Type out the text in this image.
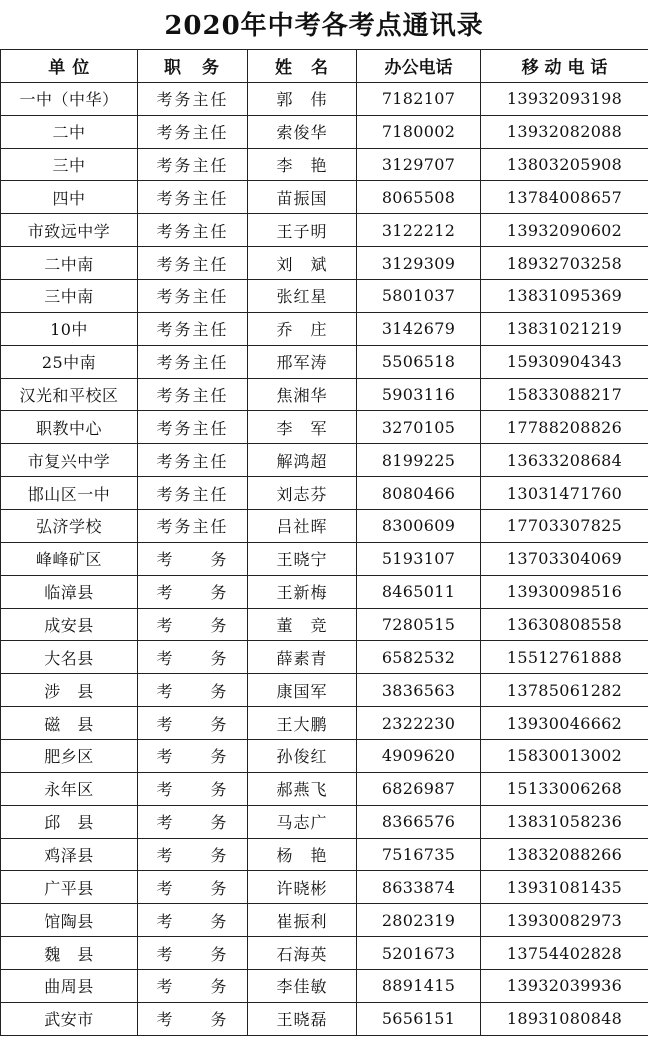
2020年中考各考点通讯录
单 位	职　务	姓　名	办公电话	移 动 电 话
一中（中华）	考务主任	郭　伟	7182107	13932093198
二中	考务主任	索俊华	7180002	13932082088
三中	考务主任	李　艳	3129707	13803205908
四中	考务主任	苗振国	8065508	13784008657
市致远中学	考务主任	王子明	3122212	13932090602
二中南	考务主任	刘　斌	3129309	18932703258
三中南	考务主任	张红星	5801037	13831095369
10中	考务主任	乔　庄	3142679	13831021219
25中南	考务主任	邢军涛	5506518	15930904343
汉光和平校区	考务主任	焦湘华	5903116	15833088217
职教中心	考务主任	李　军	3270105	17788208826
市复兴中学	考务主任	解鸿超	8199225	13633208684
邯山区一中	考务主任	刘志芬	8080466	13031471760
弘济学校	考务主任	吕社晖	8300609	17703307825
峰峰矿区	考　　务	王晓宁	5193107	13703304069
临漳县	考　　务	王新梅	8465011	13930098516
成安县	考　　务	董　竞	7280515	13630808558
大名县	考　　务	薛素青	6582532	15512761888
涉　县	考　　务	康国军	3836563	13785061282
磁　县	考　　务	王大鹏	2322230	13930046662
肥乡区	考　　务	孙俊红	4909620	15830013002
永年区	考　　务	郝燕飞	6826987	15133006268
邱　县	考　　务	马志广	8366576	13831058236
鸡泽县	考　　务	杨　艳	7516735	13832088266
广平县	考　　务	许晓彬	8633874	13931081435
馆陶县	考　　务	崔振利	2802319	13930082973
魏　县	考　　务	石海英	5201673	13754402828
曲周县	考　　务	李佳敏	8891415	13932039936
武安市	考　　务	王晓磊	5656151	18931080848
